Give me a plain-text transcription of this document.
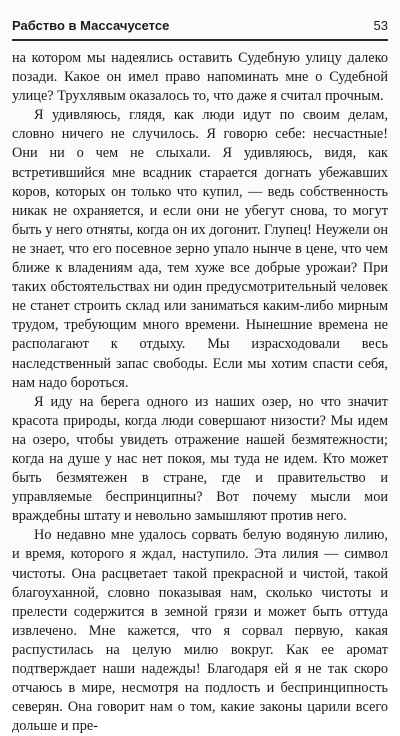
Рабство в Массачусетсе	53

на котором мы надеялись оставить Судебную улицу далеко позади. Какое он имел право напоминать мне о Судебной улице? Трухлявым оказалось то, что даже я считал прочным.

Я удивляюсь, глядя, как люди идут по своим делам, словно ничего не случилось. Я говорю себе: несчастные! Они ни о чем не слыхали. Я удивляюсь, видя, как встретившийся мне всадник старается догнать убежавших коров, которых он только что купил, — ведь собственность никак не охраняется, и если они не убегут снова, то могут быть у него отняты, когда он их догонит. Глупец! Неужели он не знает, что его посевное зерно упало нынче в цене, что чем ближе к владениям ада, тем хуже все добрые урожаи? При таких обстоятельствах ни один предусмотрительный человек не станет строить склад или заниматься каким-либо мирным трудом, требующим много времени. Нынешние времена не располагают к отдыху. Мы израсходовали весь наследственный запас свободы. Если мы хотим спасти себя, нам надо бороться.

Я иду на берега одного из наших озер, но что значит красота природы, когда люди совершают низости? Мы идем на озеро, чтобы увидеть отражение нашей безмятежности; когда на душе у нас нет покоя, мы туда не идем. Кто может быть безмятежен в стране, где и правительство и управляемые беспринципны? Вот почему мысли мои враждебны штату и невольно замышляют против него.

Но недавно мне удалось сорвать белую водяную лилию, и время, которого я ждал, наступило. Эта лилия — символ чистоты. Она расцветает такой прекрасной и чистой, такой благоуханной, словно показывая нам, сколько чистоты и прелести содержится в земной грязи и может быть оттуда извлечено. Мне кажется, что я сорвал первую, какая распустилась на целую милю вокруг. Как ее аромат подтверждает наши надежды! Благодаря ей я не так скоро отчаюсь в мире, несмотря на подлость и беспринципность северян. Она говорит нам о том, какие законы царили всего дольше и пре-
